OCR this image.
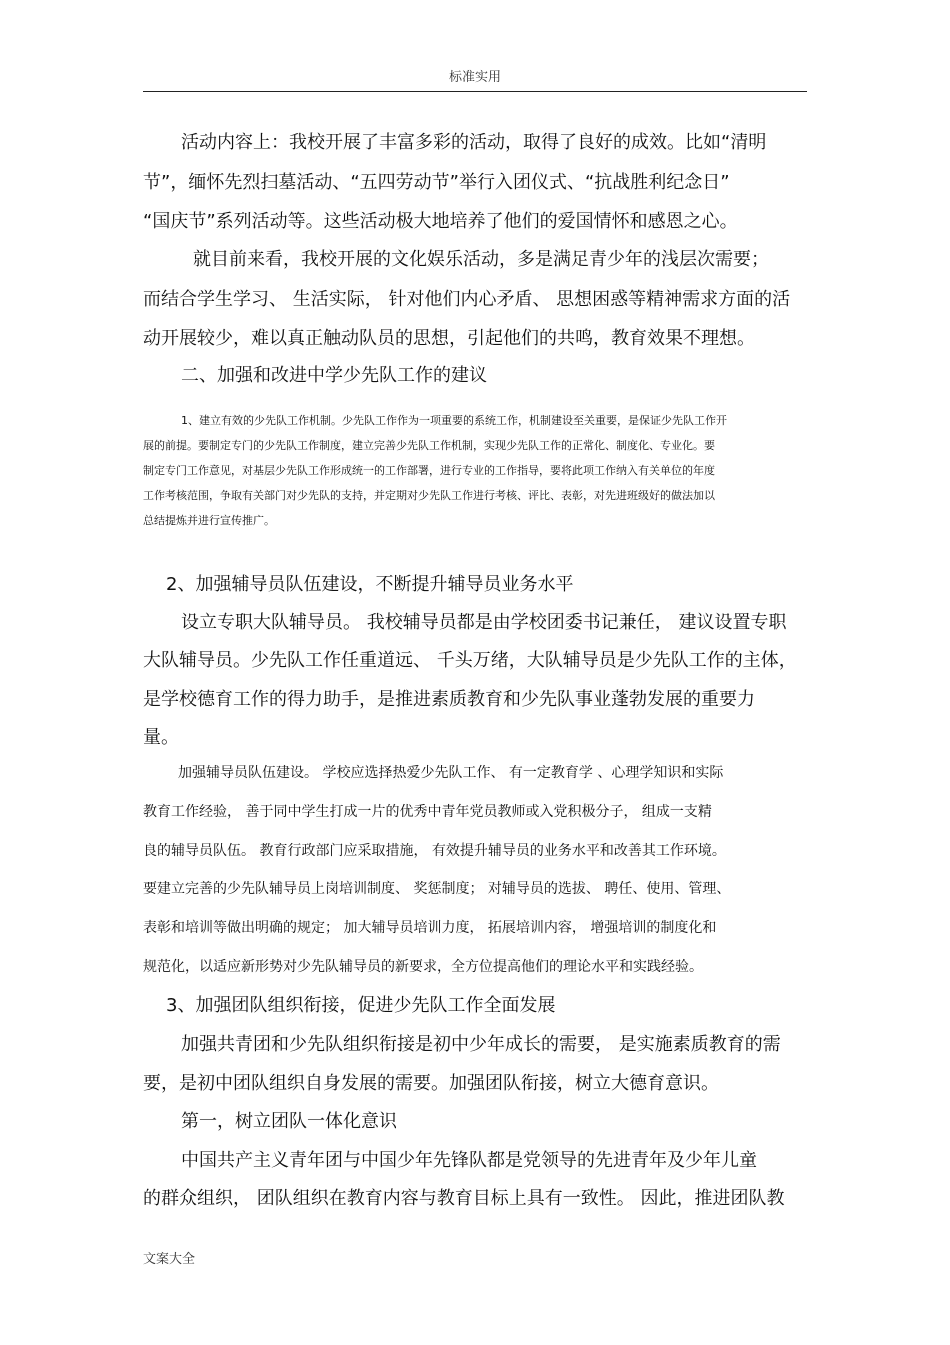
标准实用
活动内容上：我校开展了丰富多彩的活动，取得了良好的成效。比如“清明
节”，缅怀先烈扫墓活动、“五四劳动节”举行入团仪式、“抗战胜利纪念日”
“国庆节”系列活动等。这些活动极大地培养了他们的爱国情怀和感恩之心。
就目前来看，我校开展的文化娱乐活动，多是满足青少年的浅层次需要；
而结合学生学习、 生活实际， 针对他们内心矛盾、 思想困惑等精神需求方面的活
动开展较少，难以真正触动队员的思想，引起他们的共鸣，教育效果不理想。
二、加强和改进中学少先队工作的建议
1、建立有效的少先队工作机制。少先队工作作为一项重要的系统工作，机制建设至关重要，是保证少先队工作开
展的前提。要制定专门的少先队工作制度，建立完善少先队工作机制，实现少先队工作的正常化、制度化、专业化。要
制定专门工作意见，对基层少先队工作形成统一的工作部署，进行专业的工作指导，要将此项工作纳入有关单位的年度
工作考核范围，争取有关部门对少先队的支持，并定期对少先队工作进行考核、评比、表彰，对先进班级好的做法加以
总结提炼并进行宣传推广。
2、加强辅导员队伍建设，不断提升辅导员业务水平
设立专职大队辅导员。 我校辅导员都是由学校团委书记兼任， 建议设置专职
大队辅导员。少先队工作任重道远、 千头万绪，大队辅导员是少先队工作的主体，
是学校德育工作的得力助手，是推进素质教育和少先队事业蓬勃发展的重要力
量。
加强辅导员队伍建设。 学校应选择热爱少先队工作、 有一定教育学 、心理学知识和实际
教育工作经验， 善于同中学生打成一片的优秀中青年党员教师或入党积极分子， 组成一支精
良的辅导员队伍。 教育行政部门应采取措施， 有效提升辅导员的业务水平和改善其工作环境。
要建立完善的少先队辅导员上岗培训制度、 奖惩制度； 对辅导员的选拔、 聘任、使用、管理、
表彰和培训等做出明确的规定； 加大辅导员培训力度， 拓展培训内容， 增强培训的制度化和
规范化，以适应新形势对少先队辅导员的新要求，全方位提高他们的理论水平和实践经验。
3、加强团队组织衔接，促进少先队工作全面发展
加强共青团和少先队组织衔接是初中少年成长的需要， 是实施素质教育的需
要，是初中团队组织自身发展的需要。加强团队衔接，树立大德育意识。
第一，树立团队一体化意识
中国共产主义青年团与中国少年先锋队都是党领导的先进青年及少年儿童
的群众组织， 团队组织在教育内容与教育目标上具有一致性。 因此，推进团队教
文案大全
